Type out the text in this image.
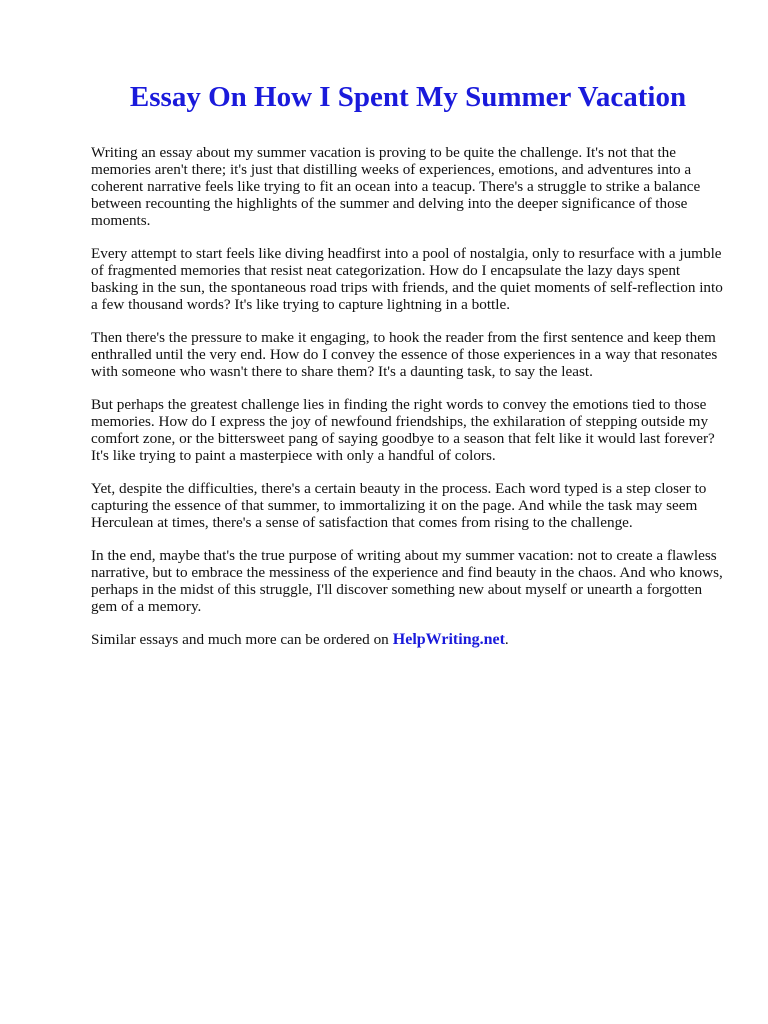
Essay On How I Spent My Summer Vacation

Writing an essay about my summer vacation is proving to be quite the challenge. It's not that the memories aren't there; it's just that distilling weeks of experiences, emotions, and adventures into a coherent narrative feels like trying to fit an ocean into a teacup. There's a struggle to strike a balance between recounting the highlights of the summer and delving into the deeper significance of those moments.

Every attempt to start feels like diving headfirst into a pool of nostalgia, only to resurface with a jumble of fragmented memories that resist neat categorization. How do I encapsulate the lazy days spent basking in the sun, the spontaneous road trips with friends, and the quiet moments of self-reflection into a few thousand words? It's like trying to capture lightning in a bottle.

Then there's the pressure to make it engaging, to hook the reader from the first sentence and keep them enthralled until the very end. How do I convey the essence of those experiences in a way that resonates with someone who wasn't there to share them? It's a daunting task, to say the least.

But perhaps the greatest challenge lies in finding the right words to convey the emotions tied to those memories. How do I express the joy of newfound friendships, the exhilaration of stepping outside my comfort zone, or the bittersweet pang of saying goodbye to a season that felt like it would last forever? It's like trying to paint a masterpiece with only a handful of colors.

Yet, despite the difficulties, there's a certain beauty in the process. Each word typed is a step closer to capturing the essence of that summer, to immortalizing it on the page. And while the task may seem Herculean at times, there's a sense of satisfaction that comes from rising to the challenge.

In the end, maybe that's the true purpose of writing about my summer vacation: not to create a flawless narrative, but to embrace the messiness of the experience and find beauty in the chaos. And who knows, perhaps in the midst of this struggle, I'll discover something new about myself or unearth a forgotten gem of a memory.

Similar essays and much more can be ordered on HelpWriting.net.
